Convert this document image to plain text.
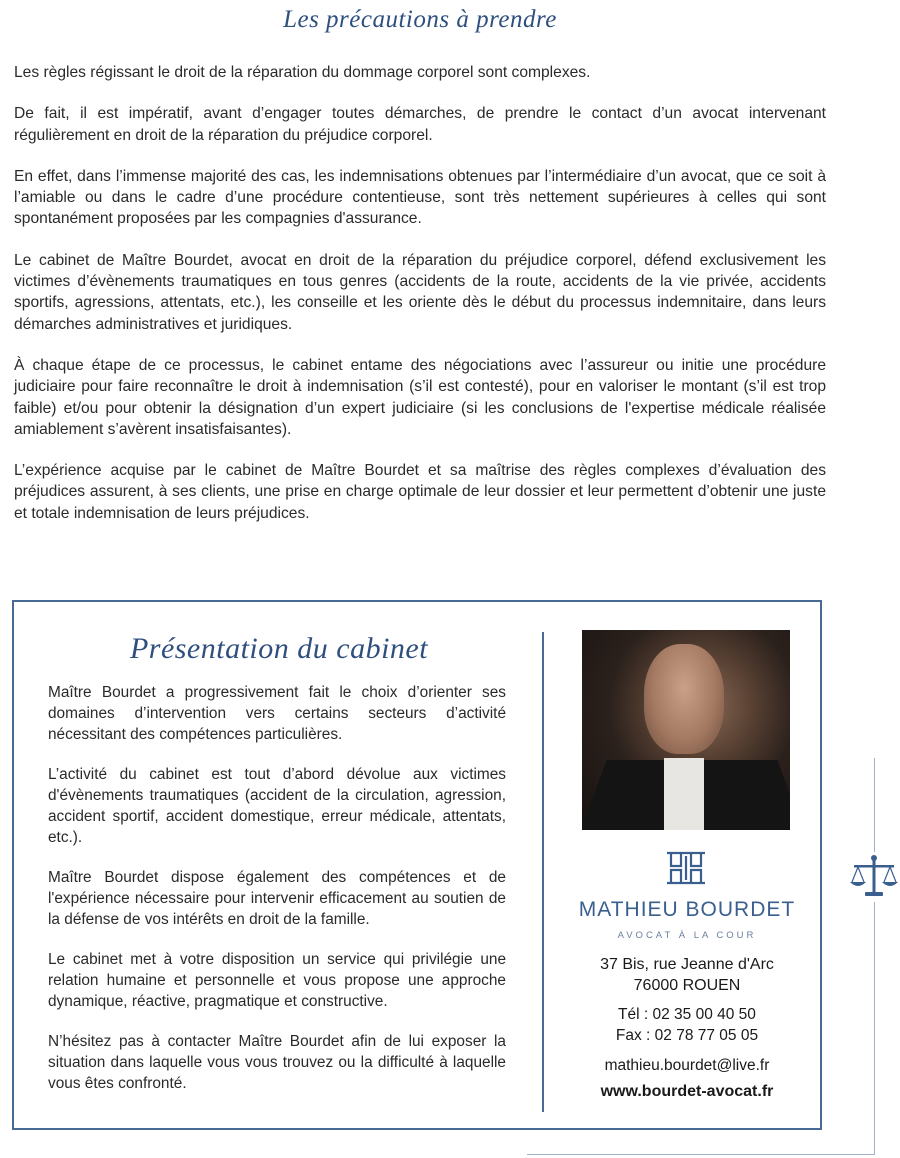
Les précautions à prendre

Les règles régissant le droit de la réparation du dommage corporel sont complexes.

De fait, il est impératif, avant d’engager toutes démarches, de prendre le contact d’un avocat intervenant régulièrement en droit de la réparation du préjudice corporel.

En effet, dans l’immense majorité des cas, les indemnisations obtenues par l’intermédiaire d’un avocat, que ce soit à l’amiable ou dans le cadre d’une procédure contentieuse, sont très nettement supérieures à celles qui sont spontanément proposées par les compagnies d'assurance.

Le cabinet de Maître Bourdet, avocat en droit de la réparation du préjudice corporel, défend exclusivement les victimes d’évènements traumatiques en tous genres (accidents de la route, accidents de la vie privée, accidents sportifs, agressions, attentats, etc.), les conseille et les oriente dès le début du processus indemnitaire, dans leurs démarches administratives et juridiques.

À chaque étape de ce processus, le cabinet entame des négociations avec l’assureur ou initie une procédure judiciaire pour faire reconnaître le droit à indemnisation (s’il est contesté), pour en valoriser le montant (s’il est trop faible) et/ou pour obtenir la désignation d’un expert judiciaire (si les conclusions de l'expertise médicale réalisée amiablement s’avèrent insatisfaisantes).

L’expérience acquise par le cabinet de Maître Bourdet et sa maîtrise des règles complexes d’évaluation des préjudices assurent, à ses clients, une prise en charge optimale de leur dossier et leur permettent d’obtenir une juste et totale indemnisation de leurs préjudices.

Présentation du cabinet

Maître Bourdet a progressivement fait le choix d’orienter ses domaines d’intervention vers certains secteurs d’activité nécessitant des compétences particulières.

L’activité du cabinet est tout d’abord dévolue aux victimes d'évènements traumatiques (accident de la circulation, agression, accident sportif, accident domestique, erreur médicale, attentats, etc.).

Maître Bourdet dispose également des compétences et de l'expérience nécessaire pour intervenir efficacement au soutien de la défense de vos intérêts en droit de la famille.

Le cabinet met à votre disposition un service qui privilégie une relation humaine et personnelle et vous propose une approche dynamique, réactive, pragmatique et constructive.

N’hésitez pas à contacter Maître Bourdet afin de lui exposer la situation dans laquelle vous vous trouvez ou la difficulté à laquelle vous êtes confronté.

MATHIEU BOURDET
AVOCAT À LA COUR
37 Bis, rue Jeanne d'Arc
76000 ROUEN
Tél : 02 35 00 40 50
Fax : 02 78 77 05 05
mathieu.bourdet@live.fr
www.bourdet-avocat.fr
